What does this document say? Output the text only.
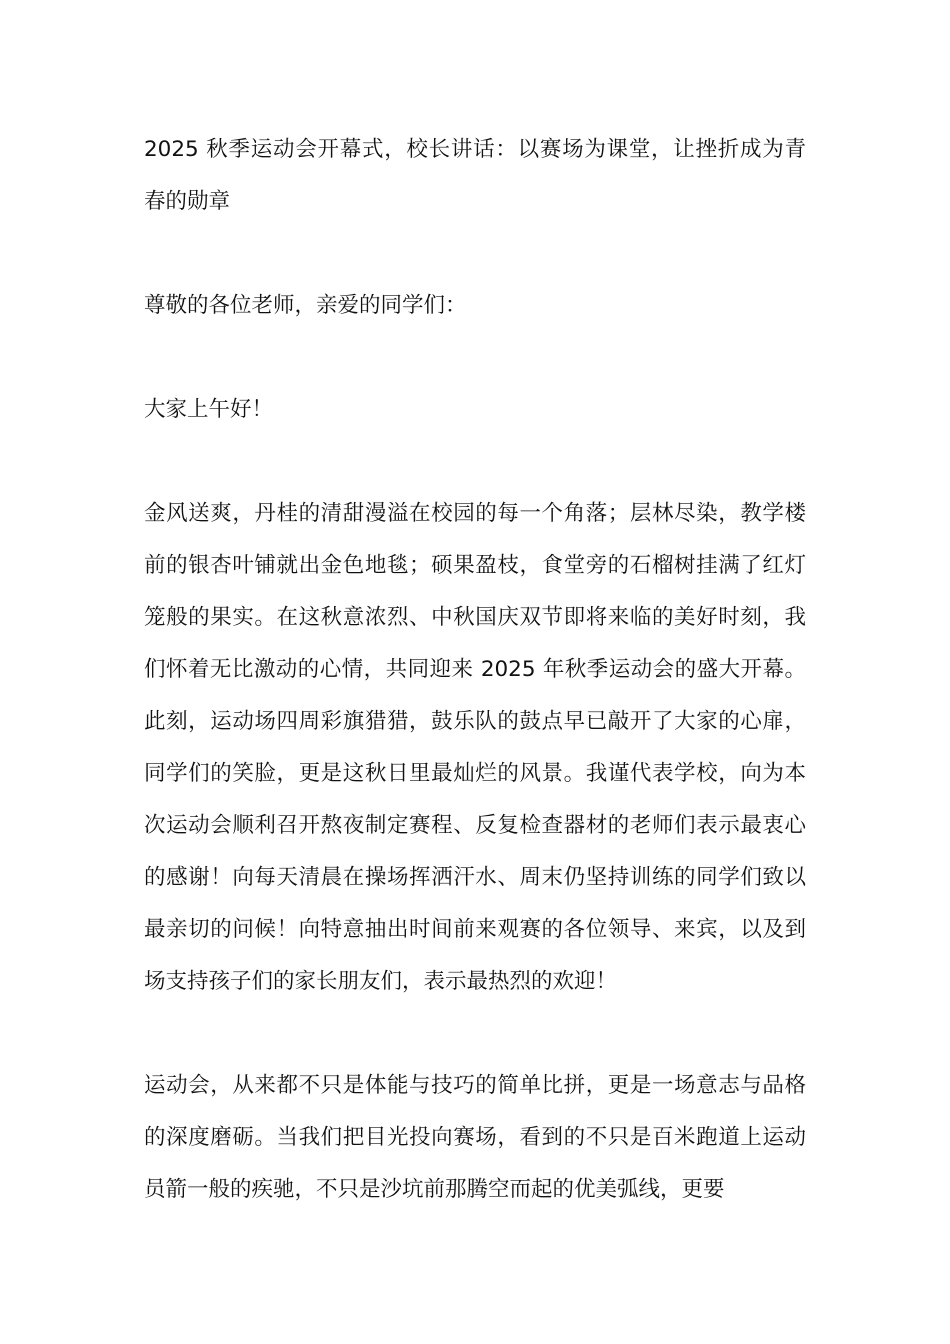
2025 秋季运动会开幕式，校长讲话：以赛场为课堂，让挫折成为青春的勋章

尊敬的各位老师，亲爱的同学们：

大家上午好！

金风送爽，丹桂的清甜漫溢在校园的每一个角落；层林尽染，教学楼前的银杏叶铺就出金色地毯；硕果盈枝，食堂旁的石榴树挂满了红灯笼般的果实。在这秋意浓烈、中秋国庆双节即将来临的美好时刻，我们怀着无比激动的心情，共同迎来 2025 年秋季运动会的盛大开幕。此刻，运动场四周彩旗猎猎，鼓乐队的鼓点早已敲开了大家的心扉，同学们的笑脸，更是这秋日里最灿烂的风景。我谨代表学校，向为本次运动会顺利召开熬夜制定赛程、反复检查器材的老师们表示最衷心的感谢！向每天清晨在操场挥洒汗水、周末仍坚持训练的同学们致以最亲切的问候！向特意抽出时间前来观赛的各位领导、来宾，以及到场支持孩子们的家长朋友们，表示最热烈的欢迎！

运动会，从来都不只是体能与技巧的简单比拼，更是一场意志与品格的深度磨砺。当我们把目光投向赛场，看到的不只是百米跑道上运动员箭一般的疾驰，不只是沙坑前那腾空而起的优美弧线，更要
